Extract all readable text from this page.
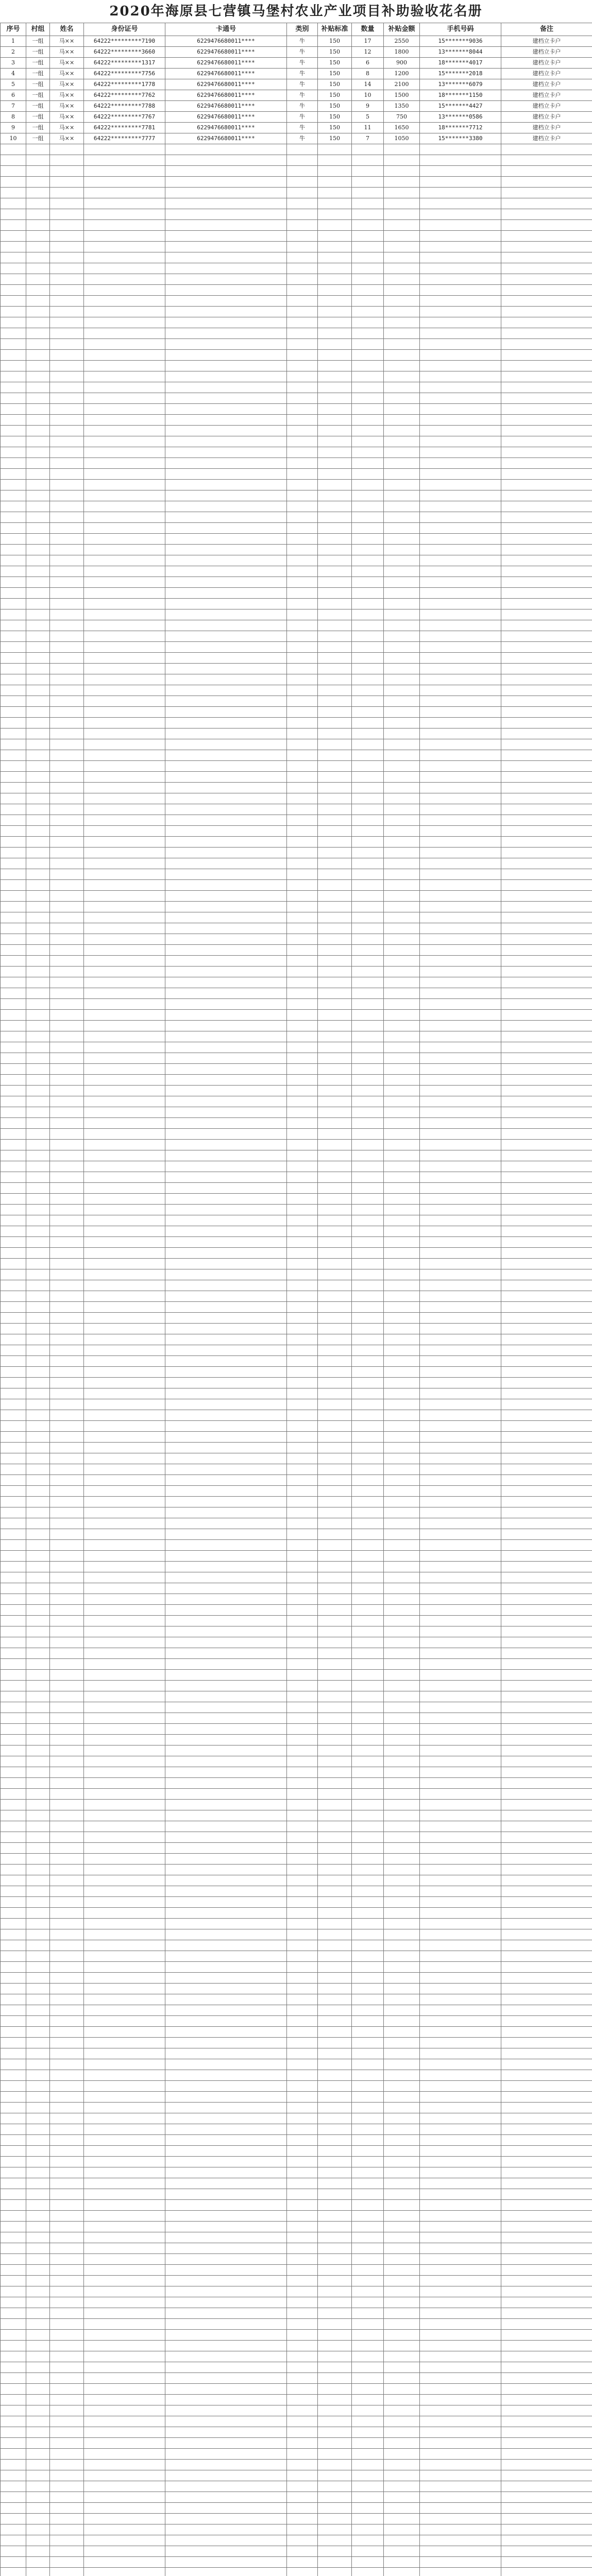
2020年海原县七营镇马堡村农业产业项目补助验收花名册
序号	村组	姓名	身份证号	卡通号	类别	补贴标准	数量	补贴金额	手机号码	备注
1	一组	马××	64222*********7190	6229476680011****	牛	150	17	2550	15*******9036	建档立卡户
2	一组	马××	64222*********3660	6229476680011****	牛	150	12	1800	13*******8044	建档立卡户
3	一组	马××	64222*********1317	6229476680011****	牛	150	6	900	18*******4017	建档立卡户
4	一组	马××	64222*********7756	6229476680011****	牛	150	8	1200	15*******2018	建档立卡户
5	一组	马××	64222*********1778	6229476680011****	牛	150	14	2100	13*******6079	建档立卡户
6	一组	马××	64222*********7762	6229476680011****	牛	150	10	1500	18*******1150	建档立卡户
7	一组	马××	64222*********7788	6229476680011****	牛	150	9	1350	15*******4427	建档立卡户
8	一组	马××	64222*********7767	6229476680011****	牛	150	5	750	13*******0586	建档立卡户
9	一组	马××	64222*********7781	6229476680011****	牛	150	11	1650	18*******7712	建档立卡户
10	一组	马××	64222*********7777	6229476680011****	牛	150	7	1050	15*******3380	建档立卡户
